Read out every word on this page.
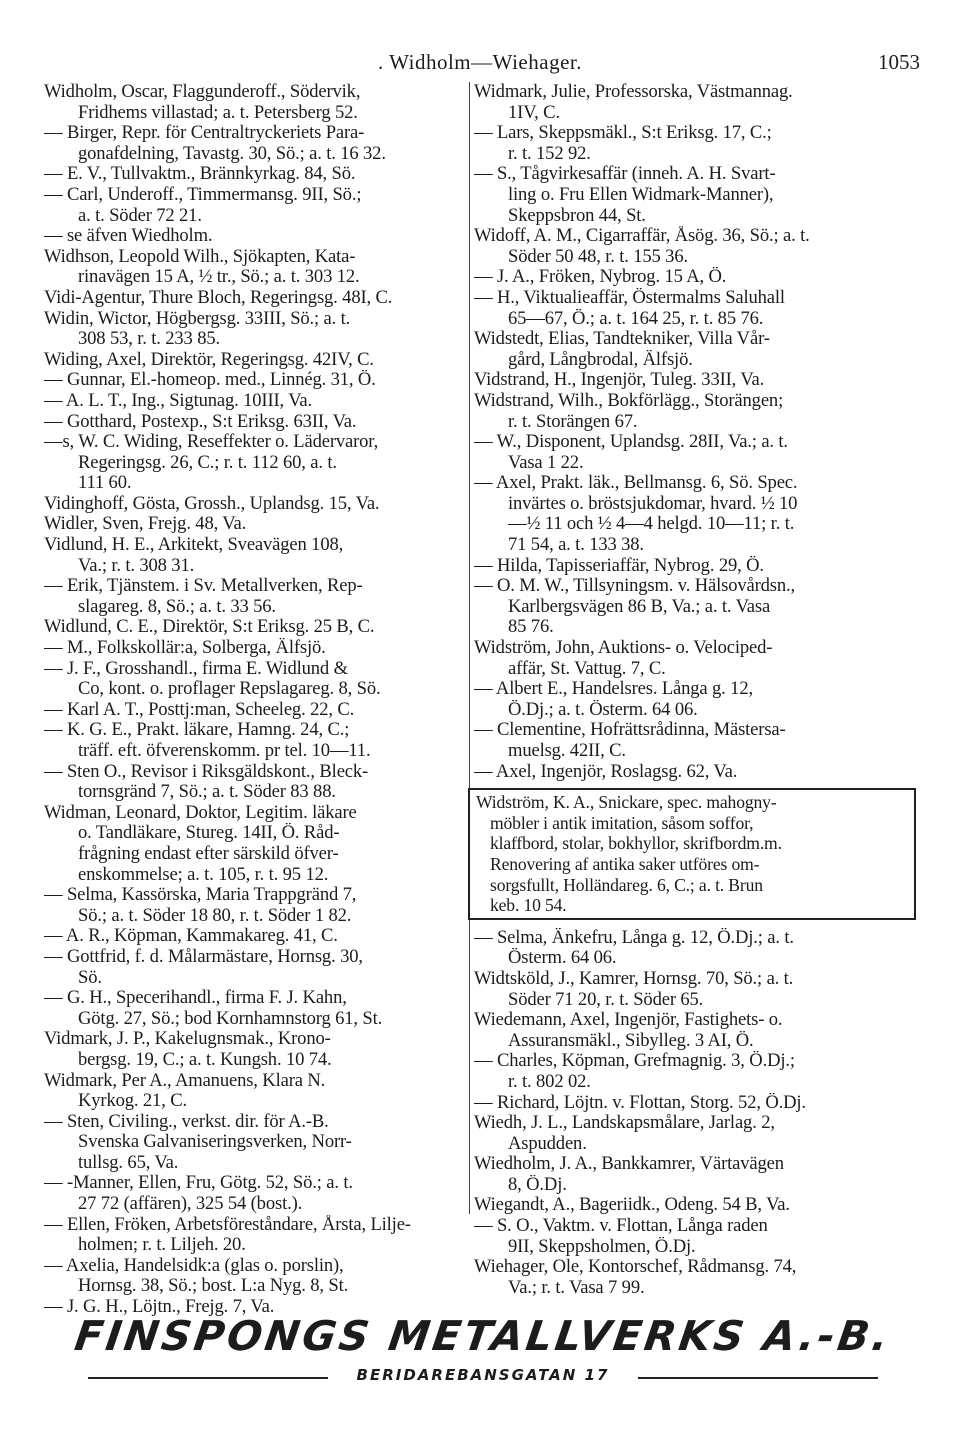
. Widholm—Wiehager.	1053
Widholm, Oscar, Flaggunderoff., Södervik,
Fridhems villastad; a. t. Petersberg 52.
— Birger, Repr. för Centraltryckeriets Para-
gonafdelning, Tavastg. 30, Sö.; a. t. 16 32.
— E. V., Tullvaktm., Brännkyrkag. 84, Sö.
— Carl, Underoff., Timmermansg. 9II, Sö.;
a. t. Söder 72 21.
— se äfven Wiedholm.
Widhson, Leopold Wilh., Sjökapten, Kata-
rinavägen 15 A, ½ tr., Sö.; a. t. 303 12.
Vidi-Agentur, Thure Bloch, Regeringsg. 48I, C.
Widin, Wictor, Högbergsg. 33III, Sö.; a. t.
308 53, r. t. 233 85.
Widing, Axel, Direktör, Regeringsg. 42IV, C.
— Gunnar, El.-homeop. med., Linnég. 31, Ö.
— A. L. T., Ing., Sigtunag. 10III, Va.
— Gotthard, Postexp., S:t Eriksg. 63II, Va.
—s, W. C. Widing, Reseffekter o. Lädervaror,
Regeringsg. 26, C.; r. t. 112 60, a. t.
111 60.
Vidinghoff, Gösta, Grossh., Uplandsg. 15, Va.
Widler, Sven, Frejg. 48, Va.
Vidlund, H. E., Arkitekt, Sveavägen 108,
Va.; r. t. 308 31.
— Erik, Tjänstem. i Sv. Metallverken, Rep-
slagareg. 8, Sö.; a. t. 33 56.
Widlund, C. E., Direktör, S:t Eriksg. 25 B, C.
— M., Folkskollär:a, Solberga, Älfsjö.
— J. F., Grosshandl., firma E. Widlund &
Co, kont. o. proflager Repslagareg. 8, Sö.
— Karl A. T., Posttj:man, Scheeleg. 22, C.
— K. G. E., Prakt. läkare, Hamng. 24, C.;
träff. eft. öfverenskomm. pr tel. 10—11.
— Sten O., Revisor i Riksgäldskont., Bleck-
tornsgränd 7, Sö.; a. t. Söder 83 88.
Widman, Leonard, Doktor, Legitim. läkare
o. Tandläkare, Stureg. 14II, Ö. Råd-
frågning endast efter särskild öfver-
enskommelse; a. t. 105, r. t. 95 12.
— Selma, Kassörska, Maria Trappgränd 7,
Sö.; a. t. Söder 18 80, r. t. Söder 1 82.
— A. R., Köpman, Kammakareg. 41, C.
— Gottfrid, f. d. Målarmästare, Hornsg. 30,
Sö.
— G. H., Specerihandl., firma F. J. Kahn,
Götg. 27, Sö.; bod Kornhamnstorg 61, St.
Vidmark, J. P., Kakelugnsmak., Krono-
bergsg. 19, C.; a. t. Kungsh. 10 74.
Widmark, Per A., Amanuens, Klara N.
Kyrkog. 21, C.
— Sten, Civiling., verkst. dir. för A.-B.
Svenska Galvaniseringsverken, Norr-
tullsg. 65, Va.
— -Manner, Ellen, Fru, Götg. 52, Sö.; a. t.
27 72 (affären), 325 54 (bost.).
— Ellen, Fröken, Arbetsföreståndare, Årsta, Lilje-
holmen; r. t. Liljeh. 20.
— Axelia, Handelsidk:a (glas o. porslin),
Hornsg. 38, Sö.; bost. L:a Nyg. 8, St.
— J. G. H., Löjtn., Frejg. 7, Va.
Widmark, Julie, Professorska, Västmannag.
1IV, C.
— Lars, Skeppsmäkl., S:t Eriksg. 17, C.;
r. t. 152 92.
— S., Tågvirkesaffär (inneh. A. H. Svart-
ling o. Fru Ellen Widmark-Manner),
Skeppsbron 44, St.
Widoff, A. M., Cigarraffär, Åsög. 36, Sö.; a. t.
Söder 50 48, r. t. 155 36.
— J. A., Fröken, Nybrog. 15 A, Ö.
— H., Viktualieaffär, Östermalms Saluhall
65—67, Ö.; a. t. 164 25, r. t. 85 76.
Widstedt, Elias, Tandtekniker, Villa Vår-
gård, Långbrodal, Älfsjö.
Vidstrand, H., Ingenjör, Tuleg. 33II, Va.
Widstrand, Wilh., Bokförlägg., Storängen;
r. t. Storängen 67.
— W., Disponent, Uplandsg. 28II, Va.; a. t.
Vasa 1 22.
— Axel, Prakt. läk., Bellmansg. 6, Sö. Spec.
invärtes o. bröstsjukdomar, hvard. ½ 10
—½ 11 och ½ 4—4 helgd. 10—11; r. t.
71 54, a. t. 133 38.
— Hilda, Tapisseriaffär, Nybrog. 29, Ö.
— O. M. W., Tillsyningsm. v. Hälsovårdsn.,
Karlbergsvägen 86 B, Va.; a. t. Vasa
85 76.
Widström, John, Auktions- o. Velociped-
affär, St. Vattug. 7, C.
— Albert E., Handelsres. Långa g. 12,
Ö.Dj.; a. t. Österm. 64 06.
— Clementine, Hofrättsrådinna, Mästersa-
muelsg. 42II, C.
— Axel, Ingenjör, Roslagsg. 62, Va.
Widström, K. A., Snickare, spec. mahogny-
möbler i antik imitation, såsom soffor,
klaffbord, stolar, bokhyllor, skrifbordm.m.
Renovering af antika saker utföres om-
sorgsfullt, Holländareg. 6, C.; a. t. Brun
keb. 10 54.
— Selma, Änkefru, Långa g. 12, Ö.Dj.; a. t.
Österm. 64 06.
Widtsköld, J., Kamrer, Hornsg. 70, Sö.; a. t.
Söder 71 20, r. t. Söder 65.
Wiedemann, Axel, Ingenjör, Fastighets- o.
Assuransmäkl., Sibylleg. 3 AI, Ö.
— Charles, Köpman, Grefmagnig. 3, Ö.Dj.;
r. t. 802 02.
— Richard, Löjtn. v. Flottan, Storg. 52, Ö.Dj.
Wiedh, J. L., Landskapsmålare, Jarlag. 2,
Aspudden.
Wiedholm, J. A., Bankkamrer, Värtavägen
8, Ö.Dj.
Wiegandt, A., Bageriidk., Odeng. 54 B, Va.
— S. O., Vaktm. v. Flottan, Långa raden
9II, Skeppsholmen, Ö.Dj.
Wiehager, Ole, Kontorschef, Rådmansg. 74,
Va.; r. t. Vasa 7 99.
FINSPONGS METALLVERKS A.-B.
BERIDAREBANSGATAN 17
